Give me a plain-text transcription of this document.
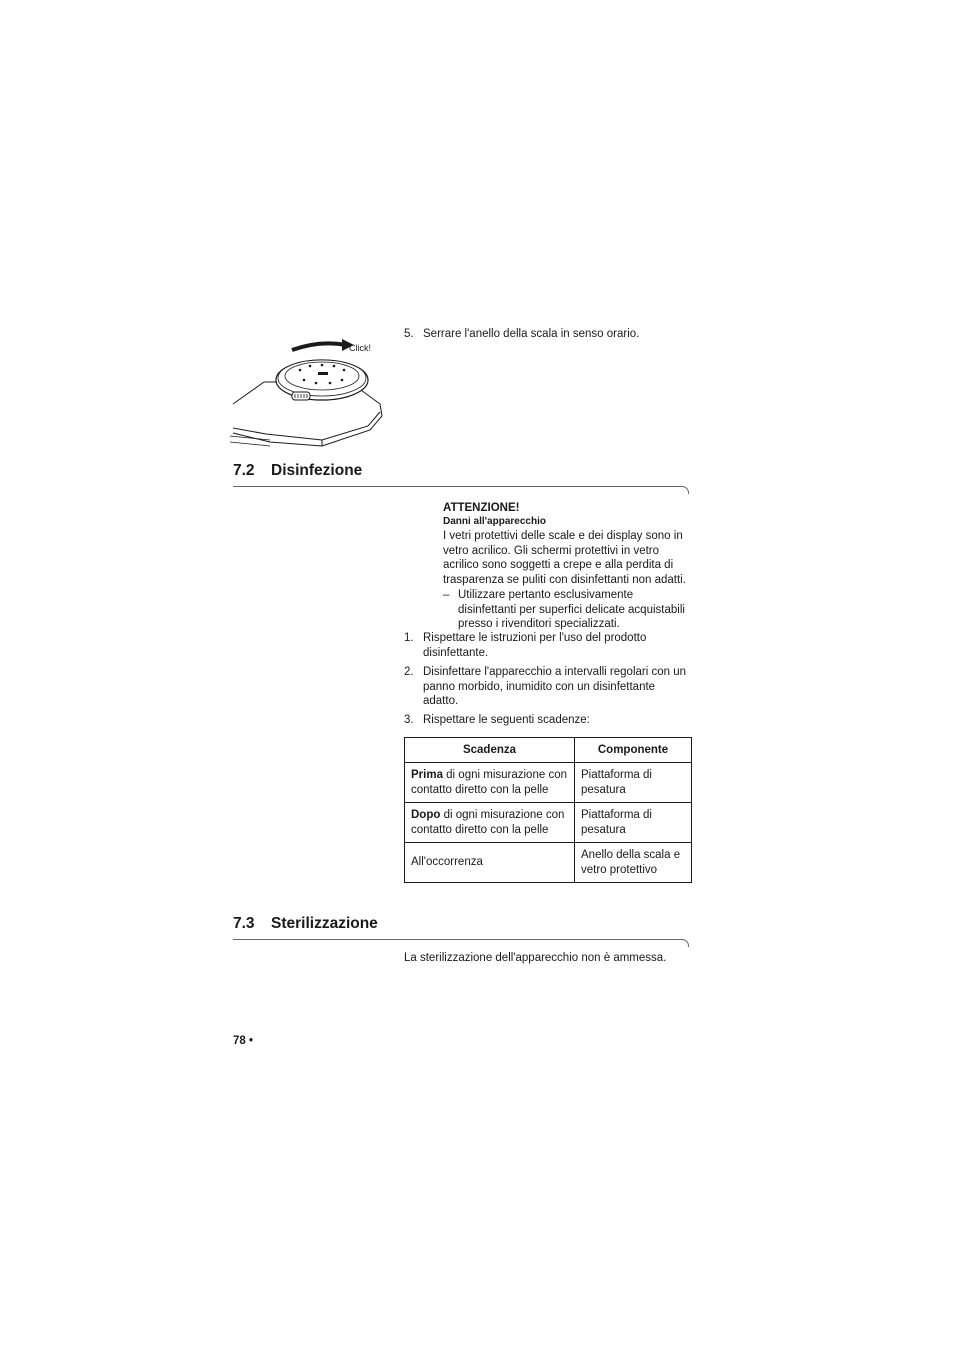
Click!
5. Serrare l'anello della scala in senso orario.
7.2 Disinfezione
ATTENZIONE!
Danni all'apparecchio
I vetri protettivi delle scale e dei display sono in
vetro acrilico. Gli schermi protettivi in vetro
acrilico sono soggetti a crepe e alla perdita di
trasparenza se puliti con disinfettanti non adatti.
– Utilizzare pertanto esclusivamente
disinfettanti per superfici delicate acquistabili
presso i rivenditori specializzati.
1. Rispettare le istruzioni per l'uso del prodotto
disinfettante.
2. Disinfettare l'apparecchio a intervalli regolari con un
panno morbido, inumidito con un disinfettante
adatto.
3. Rispettare le seguenti scadenze:
Scadenza	Componente
Prima di ogni misurazione con
contatto diretto con la pelle	Piattaforma di
pesatura
Dopo di ogni misurazione con
contatto diretto con la pelle	Piattaforma di
pesatura
All'occorrenza	Anello della scala e
vetro protettivo
7.3 Sterilizzazione
La sterilizzazione dell'apparecchio non è ammessa.
78 •
